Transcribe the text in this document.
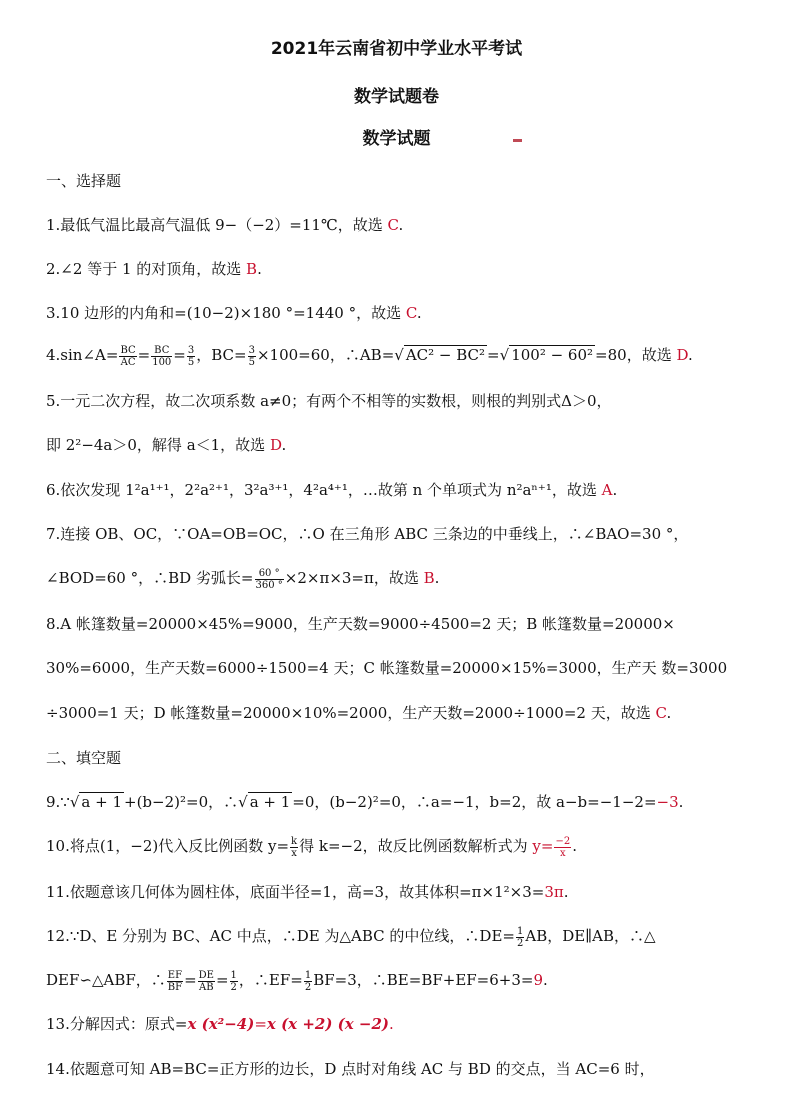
2021年云南省初中学业水平考试
数学试题卷
数学试题
一、选择题
1.最低气温比最高气温低 9−（−2）=11℃，故选 C.
2.∠2 等于 1 的对顶角，故选 B.
3.10 边形的内角和=(10−2)×180 °=1440 °，故选 C.
4.sin∠A= $\frac{BC}{AC} = \frac{BC}{100} = \frac{3}{5}$ ，$BC= \frac{3}{5} \times 100=60$，∴AB=√ AC² − BC² =√ 100² − 60² =80，故选 D.
5.一元二次方程，故二次项系数 a≠0；有两个不相等的实数根，则根的判别式Δ＞0，
即 2²−4a＞0，解得 a＜1，故选 D.
6.依次发现 1²a¹⁺¹，2²a²⁺¹，3²a³⁺¹，4²a⁴⁺¹，…故第 n 个单项式为 n²aⁿ⁺¹，故选 A.
7.连接 OB、OC，∵OA=OB=OC，∴O 在三角形 ABC 三条边的中垂线上，∴∠BAO=30 °，
∠BOD=60 °，∴BD 劣弧长= $\frac{60 ^\circ}{360 ^\circ} \times 2\times\pi\times 3=\pi$，故选 B.
8.A 帐篷数量=20000×45%=9000，生产天数=9000÷4500=2 天；B 帐篷数量=20000×
30%=6000，生产天数=6000÷1500=4 天；C 帐篷数量=20000×15%=3000，生产天 数=3000
÷3000=1 天；D 帐篷数量=20000×10%=2000，生产天数=2000÷1000=2 天，故选 C.
二、填空题
9.∵√ a + 1 +(b−2)²=0，∴√ a + 1 =0，(b−2)²=0，∴a=−1，b=2，故 a−b=−1−2=−3.
10.将点(1，−2)代入反比例函数 $y= \frac{k}{x}$ 得 k=−2，故反比例函数解析式为 $y= \frac{-2}{x}$ .
11.依题意该几何体为圆柱体，底面半径=1，高=3，故其体积=π×1²×3=3π.
12.∵D、E 分别为 BC、AC 中点，∴DE 为△ABC 的中位线，∴DE= $\frac{1}{2}$ AB，DE∥AB，∴△
DEF∽△ABF，∴ $\frac{EF}{BF} = \frac{DE}{AB} = \frac{1}{2}$ ，∴EF= $\frac{1}{2} BF=3$，∴BE=BF+EF=6+3=9.
13.分解因式：原式=x (x²−4)=x (x +2) (x −2).
14.依题意可知 AB=BC=正方形的边长，D 点时对角线 AC 与 BD 的交点，当 AC=6 时，
